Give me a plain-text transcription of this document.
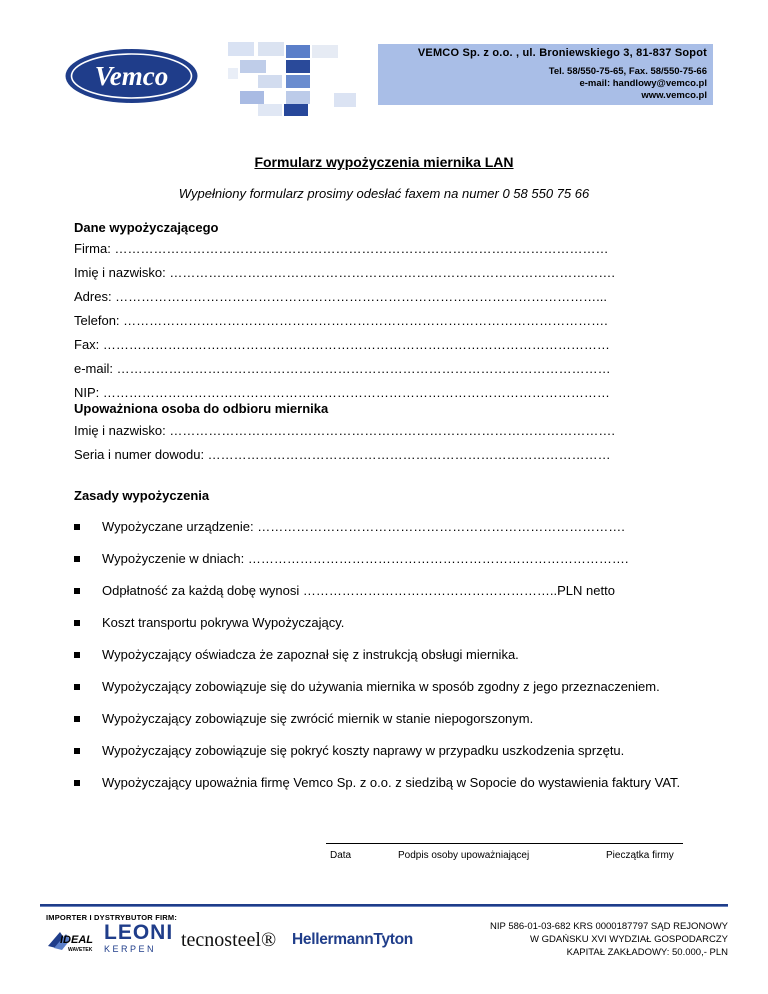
Vemco
VEMCO Sp. z o.o. , ul. Broniewskiego 3, 81-837 Sopot
Tel. 58/550-75-65, Fax. 58/550-75-66
e-mail: handlowy@vemco.pl
www.vemco.pl
Formularz wypożyczenia miernika LAN
Wypełniony formularz prosimy odesłać faxem na numer 0 58 550 75 66
Dane wypożyczającego
Firma: ……………………………………………………………………………………………………
Imię i nazwisko: ………………………………………………………………………………………….
Adres: …………………………………………………………………………………………………...
Telefon: ………………………………………………………………………………………………….
Fax: ………………………………………………………………………………………………………
e-mail: ……………………………………………………………………………………………………
NIP: ………………………………………………………………………………………………………
Upoważniona osoba do odbioru miernika
Imię i nazwisko: ………………………………………………………………………………………….
Seria i numer dowodu: …………………………………………………………………………………
Zasady wypożyczenia
Wypożyczane urządzenie: ………………………………………………………………………….
Wypożyczenie w dniach: …………………………………………………………………………….
Odpłatność za każdą dobę wynosi …………………………………………………..PLN netto
Koszt transportu pokrywa Wypożyczający.
Wypożyczający oświadcza że zapoznał się z instrukcją obsługi miernika.
Wypożyczający zobowiązuje się do używania miernika w sposób zgodny z jego przeznaczeniem.
Wypożyczający zobowiązuje się zwrócić miernik w stanie niepogorszonym.
Wypożyczający zobowiązuje się pokryć koszty naprawy w przypadku uszkodzenia sprzętu.
Wypożyczający upoważnia firmę Vemco Sp. z o.o. z siedzibą w Sopocie do wystawienia faktury VAT.
Data	Podpis osoby upoważniającej	Pieczątka firmy
IMPORTER I DYSTRYBUTOR FIRM:
IDEAL
WAVETEK
LEONI
KERPEN	tecnosteel® HellermannTyton
NIP 586-01-03-682 KRS 0000187797 SĄD REJONOWY
W GDAŃSKU XVI WYDZIAŁ GOSPODARCZY
KAPITAŁ ZAKŁADOWY: 50.000,- PLN
